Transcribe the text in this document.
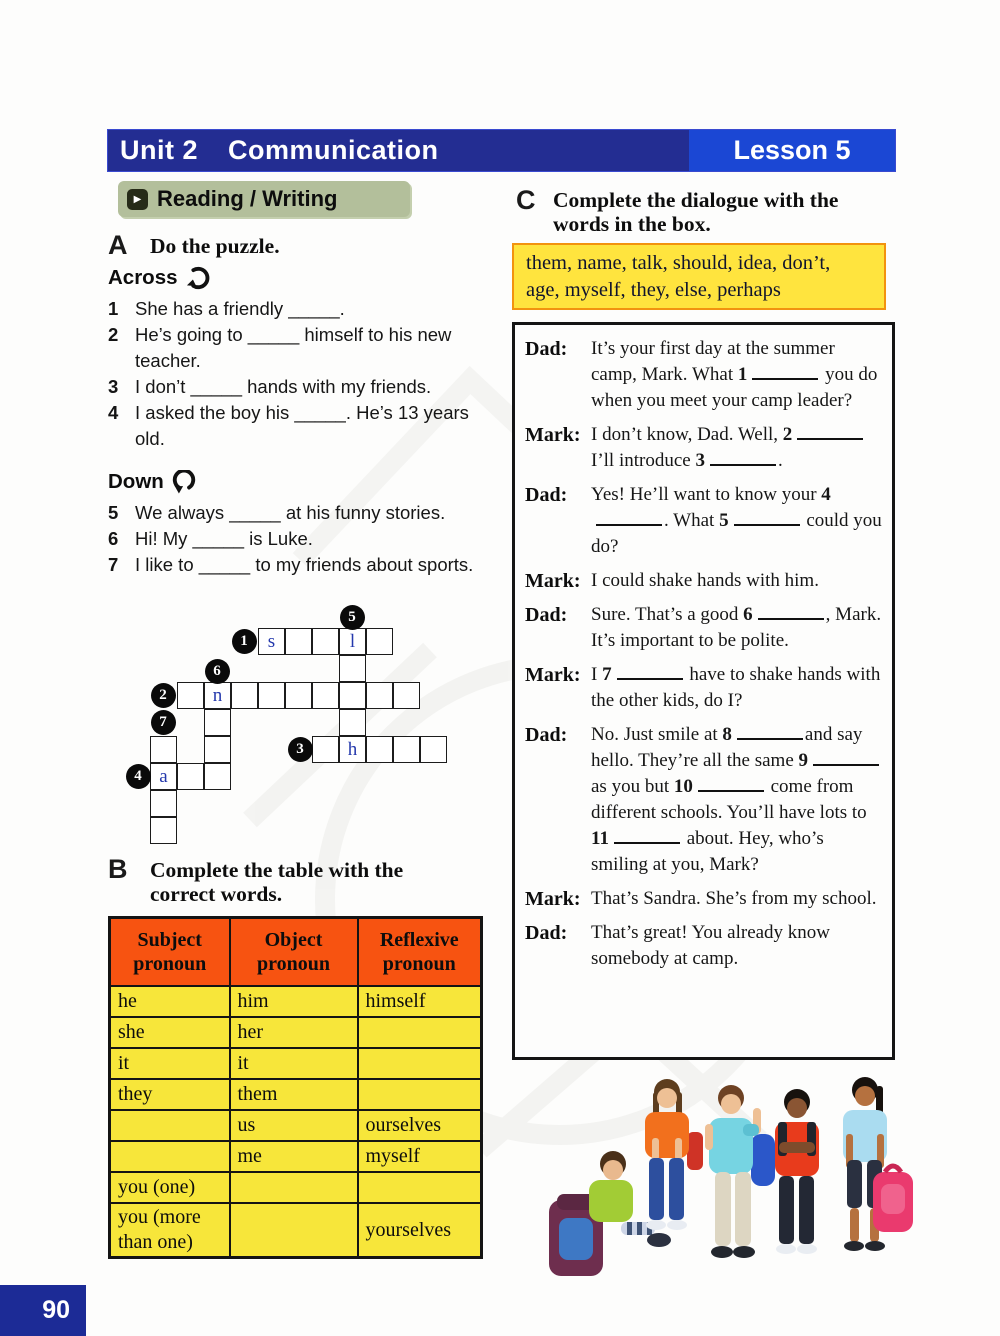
Unit 2 Communication	Lesson 5
▶ Reading / Writing
A Do the puzzle.
Across
1 She has a friendly _____.
2 He’s going to _____ himself to his new teacher.
3 I don’t _____ hands with my friends.
4 I asked the boy his _____. He’s 13 years old.
Down
5 We always _____ at his funny stories.
6 Hi! My _____ is Luke.
7 I like to _____ to my friends about sports.
s	l
n
h
a
1
2
3
4
5
6
7
B Complete the table with the correct words.
Subject pronoun	Object pronoun	Reflexive pronoun
he	him	himself
she	her	
it	it	
they	them	
	us	ourselves
	me	myself
you (one)		
you (more than one)		yourselves
C Complete the dialogue with the words in the box.
them, name, talk, should, idea, don’t,
age, myself, they, else, perhaps
Dad:	It’s your first day at the summer camp, Mark. What 1	you do when you meet your camp leader?
Mark: I don’t know, Dad. Well, 2 I’ll introduce 3	.
Dad:	Yes! He’ll want to know your 4. What 5	could you do?
Mark: I could shake hands with him.
Dad:	Sure. That’s a good 6	, Mark. It’s important to be polite.
Mark: I 7	have to shake hands with the other kids, do I?
Dad:	No. Just smile at 8	and say hello. They’re all the same 9 as you but 10	come from different schools. You’ll have lots to 11	about. Hey, who’s smiling at you, Mark?
Mark: That’s Sandra. She’s from my school.
Dad:	That’s great! You already know somebody at camp.
90
